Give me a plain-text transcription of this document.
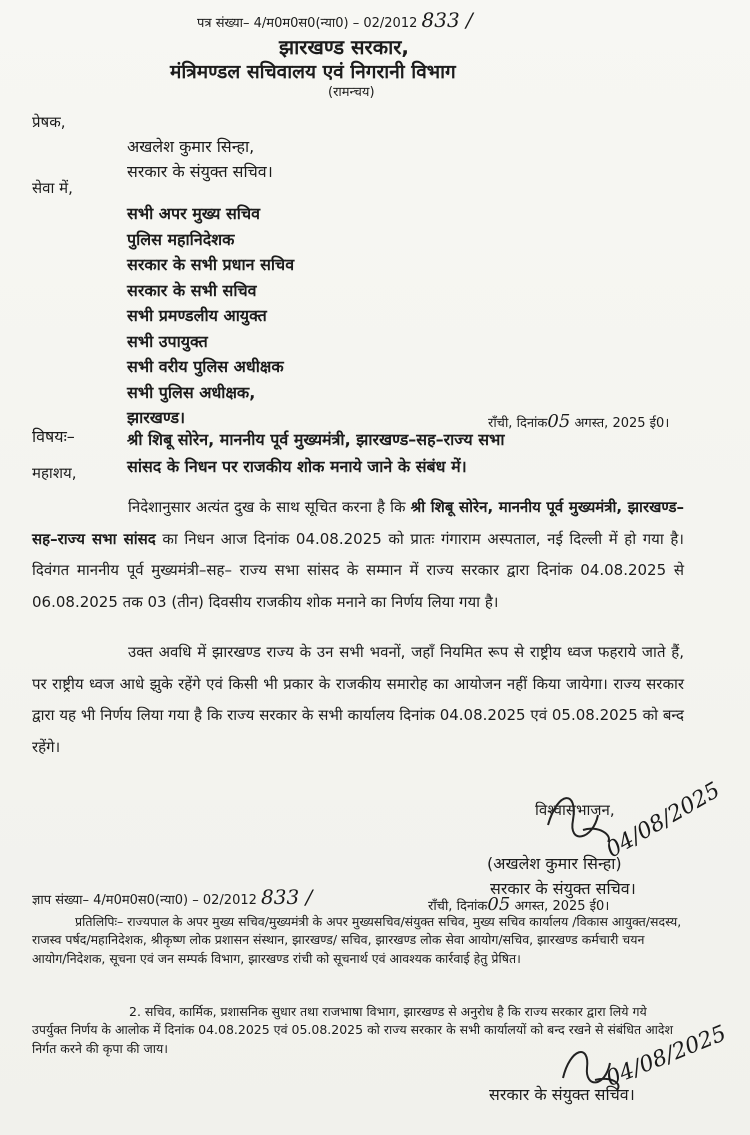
पत्र संख्या– 4/म0म0स0(न्या0) – 02/2012 833 /
झारखण्ड सरकार,
मंत्रिमण्डल सचिवालय एवं निगरानी विभाग
(रामन्चय)
प्रेषक,
अखलेश कुमार सिन्हा,
सरकार के संयुक्त सचिव।
सेवा में,
सभी अपर मुख्य सचिव
पुलिस महानिदेशक
सरकार के सभी प्रधान सचिव
सरकार के सभी सचिव
सभी प्रमण्डलीय आयुक्त
सभी उपायुक्त
सभी वरीय पुलिस अधीक्षक
सभी पुलिस अधीक्षक,
झारखण्ड।	राँची, दिनांक05 अगस्त, 2025 ई0।
विषयः–	श्री शिबू सोरेन, माननीय पूर्व मुख्यमंत्री, झारखण्ड–सह–राज्य सभा
सांसद के निधन पर राजकीय शोक मनाये जाने के संबंध में।
महाशय,
निदेशानुसार अत्यंत दुख के साथ सूचित करना है कि श्री शिबू सोरेन, माननीय पूर्व मुख्यमंत्री, झारखण्ड–सह–राज्य सभा सांसद का निधन आज दिनांक 04.08.2025 को प्रातः गंगाराम अस्पताल, नई दिल्ली में हो गया है। दिवंगत माननीय पूर्व मुख्यमंत्री–सह– राज्य सभा सांसद के सम्मान में राज्य सरकार द्वारा दिनांक 04.08.2025 से 06.08.2025 तक 03 (तीन) दिवसीय राजकीय शोक मनाने का निर्णय लिया गया है।
उक्त अवधि में झारखण्ड राज्य के उन सभी भवनों, जहाँ नियमित रूप से राष्ट्रीय ध्वज फहराये जाते हैं, पर राष्ट्रीय ध्वज आधे झुके रहेंगे एवं किसी भी प्रकार के राजकीय समारोह का आयोजन नहीं किया जायेगा। राज्य सरकार द्वारा यह भी निर्णय लिया गया है कि राज्य सरकार के सभी कार्यालय दिनांक 04.08.2025 एवं 05.08.2025 को बन्द रहेंगे।
विश्वासभाजन,
04/08/2025
(अखलेश कुमार सिन्हा)
सरकार के संयुक्त सचिव।
ज्ञाप संख्या– 4/म0म0स0(न्या0) – 02/2012 833 /	राँची, दिनांक05 अगस्त, 2025 ई0।
प्रतिलिपिः– राज्यपाल के अपर मुख्य सचिव/मुख्यमंत्री के अपर मुख्यसचिव/संयुक्त सचिव, मुख्य सचिव कार्यालय /विकास आयुक्त/सदस्य, राजस्व पर्षद/महानिदेशक, श्रीकृष्ण लोक प्रशासन संस्थान, झारखण्ड/ सचिव, झारखण्ड लोक सेवा आयोग/सचिव, झारखण्ड कर्मचारी चयन आयोग/निदेशक, सूचना एवं जन सम्पर्क विभाग, झारखण्ड रांची को सूचनार्थ एवं आवश्यक कार्रवाई हेतु प्रेषित।
2. सचिव, कार्मिक, प्रशासनिक सुधार तथा राजभाषा विभाग, झारखण्ड से अनुरोध है कि राज्य सरकार द्वारा लिये गये उपर्युक्त निर्णय के आलोक में दिनांक 04.08.2025 एवं 05.08.2025 को राज्य सरकार के सभी कार्यालयों को बन्द रखने से संबंधित आदेश निर्गत करने की कृपा की जाय।	04/08/2025
सरकार के संयुक्त सचिव।
